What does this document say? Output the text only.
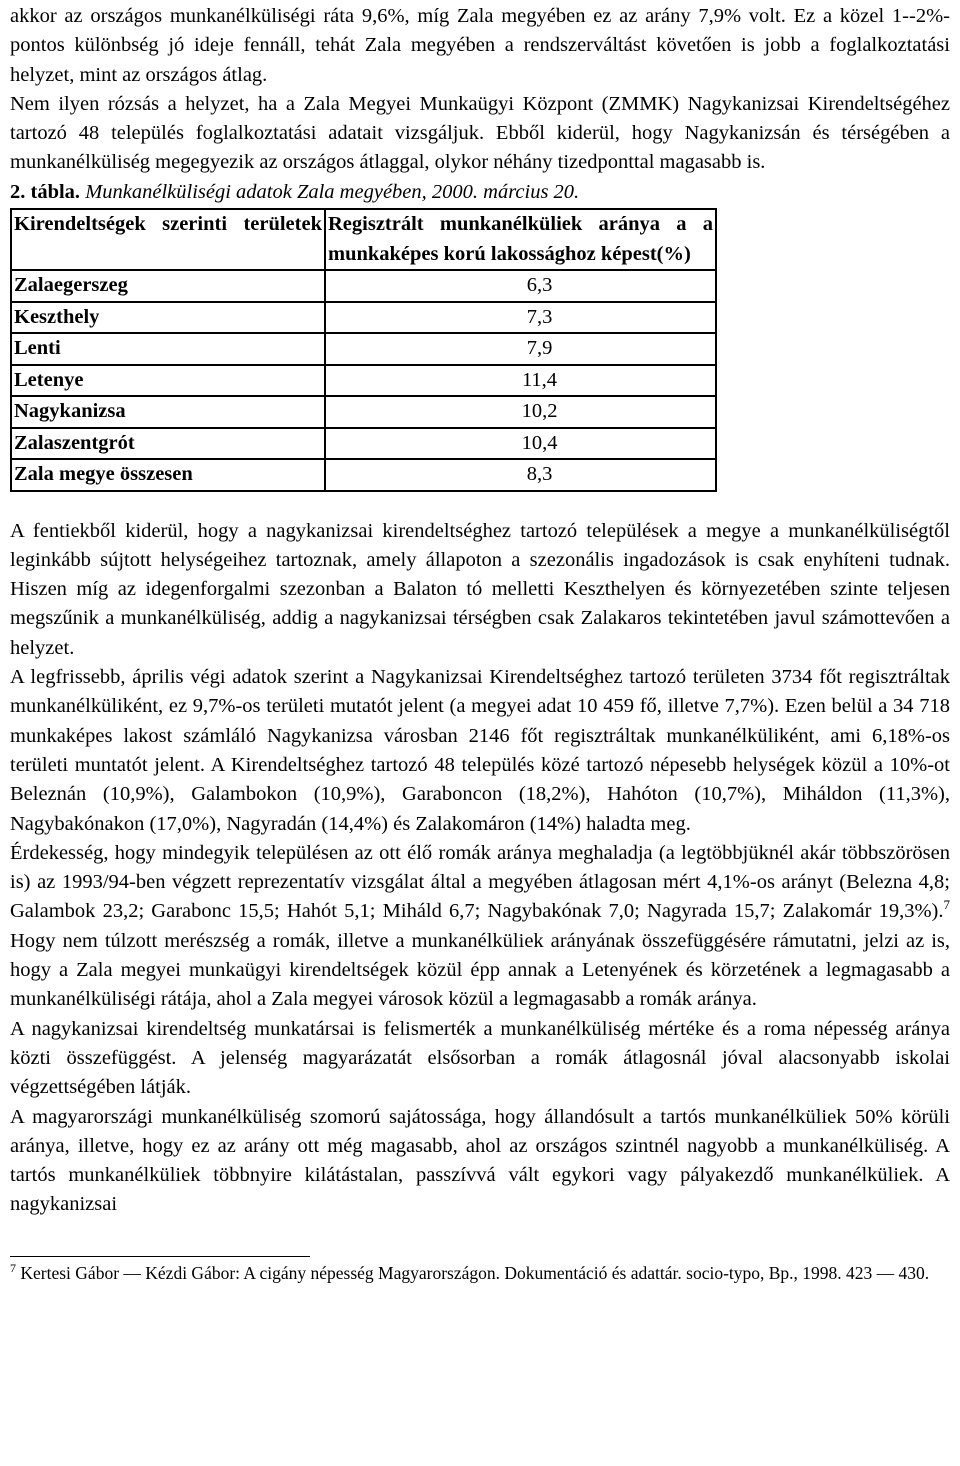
akkor az országos munkanélküliségi ráta 9,6%, míg Zala megyében ez az arány 7,9% volt. Ez a közel 1--2%-pontos különbség jó ideje fennáll, tehát Zala megyében a rendszerváltást követően is jobb a foglalkoztatási helyzet, mint az országos átlag.

Nem ilyen rózsás a helyzet, ha a Zala Megyei Munkaügyi Központ (ZMMK) Nagykanizsai Kirendeltségéhez tartozó 48 település foglalkoztatási adatait vizsgáljuk. Ebből kiderül, hogy Nagykanizsán és térségében a munkanélküliség megegyezik az országos átlaggal, olykor néhány tizedponttal magasabb is.

2. tábla. Munkanélküliségi adatok Zala megyében, 2000. március 20.
Kirendeltségek szerinti területek	Regisztrált munkanélküliek aránya a a munkaképes korú lakossághoz képest(%)
Zalaegerszeg	6,3
Keszthely	7,3
Lenti	7,9
Letenye	11,4
Nagykanizsa	10,2
Zalaszentgrót	10,4
Zala megye összesen	8,3

A fentiekből kiderül, hogy a nagykanizsai kirendeltséghez tartozó települések a megye a munkanélküliségtől leginkább sújtott helységeihez tartoznak, amely állapoton a szezonális ingadozások is csak enyhíteni tudnak. Hiszen míg az idegenforgalmi szezonban a Balaton tó melletti Keszthelyen és környezetében szinte teljesen megszűnik a munkanélküliség, addig a nagykanizsai térségben csak Zalakaros tekintetében javul számottevően a helyzet.

A legfrissebb, április végi adatok szerint a Nagykanizsai Kirendeltséghez tartozó területen 3734 főt regisztráltak munkanélküliként, ez 9,7%-os területi mutatót jelent (a megyei adat 10 459 fő, illetve 7,7%). Ezen belül a 34 718 munkaképes lakost számláló Nagykanizsa városban 2146 főt regisztráltak munkanélküliként, ami 6,18%-os területi muntatót jelent. A Kirendeltséghez tartozó 48 település közé tartozó népesebb helységek közül a 10%-ot Beleznán (10,9%), Galambokon (10,9%), Garaboncon (18,2%), Hahóton (10,7%), Miháldon (11,3%), Nagybakónakon (17,0%), Nagyradán (14,4%) és Zalakomáron (14%) haladta meg.

Érdekesség, hogy mindegyik településen az ott élő romák aránya meghaladja (a legtöbbjüknél akár többszörösen is) az 1993/94-ben végzett reprezentatív vizsgálat által a megyében átlagosan mért 4,1%-os arányt (Belezna 4,8; Galambok 23,2; Garabonc 15,5; Hahót 5,1; Miháld 6,7; Nagybakónak 7,0; Nagyrada 15,7; Zalakomár 19,3%).$^7$ Hogy nem túlzott merészség a romák, illetve a munkanélküliek arányának összefüggésére rámutatni, jelzi az is, hogy a Zala megyei munkaügyi kirendeltségek közül épp annak a Letenyének és körzetének a legmagasabb a munkanélküliségi rátája, ahol a Zala megyei városok közül a legmagasabb a romák aránya.

A nagykanizsai kirendeltség munkatársai is felismerték a munkanélküliség mértéke és a roma népesség aránya közti összefüggést. A jelenség magyarázatát elsősorban a romák átlagosnál jóval alacsonyabb iskolai végzettségében látják.

A magyarországi munkanélküliség szomorú sajátossága, hogy állandósult a tartós munkanélküliek 50% körüli aránya, illetve, hogy ez az arány ott még magasabb, ahol az országos szintnél nagyobb a munkanélküliség. A tartós munkanélküliek többnyire kilátástalan, passzívvá vált egykori vagy pályakezdő munkanélküliek. A nagykanizsai

$^7$ Kertesi Gábor — Kézdi Gábor: A cigány népesség Magyarországon. Dokumentáció és adattár. socio-typo, Bp., 1998. 423 — 430.
